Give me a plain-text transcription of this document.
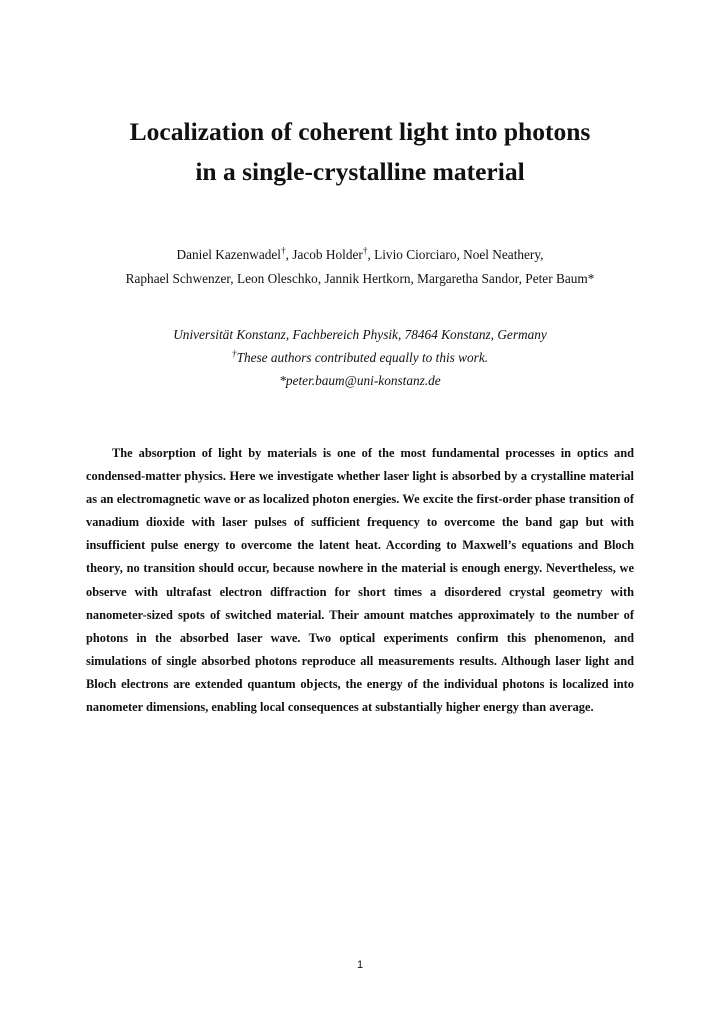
Localization of coherent light into photons
in a single-crystalline material
Daniel Kazenwadel†, Jacob Holder†, Livio Ciorciaro, Noel Neathery,
Raphael Schwenzer, Leon Oleschko, Jannik Hertkorn, Margaretha Sandor, Peter Baum*
Universität Konstanz, Fachbereich Physik, 78464 Konstanz, Germany
†These authors contributed equally to this work.
*peter.baum@uni-konstanz.de

The absorption of light by materials is one of the most fundamental processes in optics and condensed-matter physics. Here we investigate whether laser light is absorbed by a crystalline material as an electromagnetic wave or as localized photon energies. We excite the first-order phase transition of vanadium dioxide with laser pulses of sufficient frequency to overcome the band gap but with insufficient pulse energy to overcome the latent heat. According to Maxwell’s equations and Bloch theory, no transition should occur, because nowhere in the material is enough energy. Nevertheless, we observe with ultrafast electron diffraction for short times a disordered crystal geometry with nanometer-sized spots of switched material. Their amount matches approximately to the number of photons in the absorbed laser wave. Two optical experiments confirm this phenomenon, and simulations of single absorbed photons reproduce all measurements results. Although laser light and Bloch electrons are extended quantum objects, the energy of the individual photons is localized into nanometer dimensions, enabling local consequences at substantially higher energy than average.

1
